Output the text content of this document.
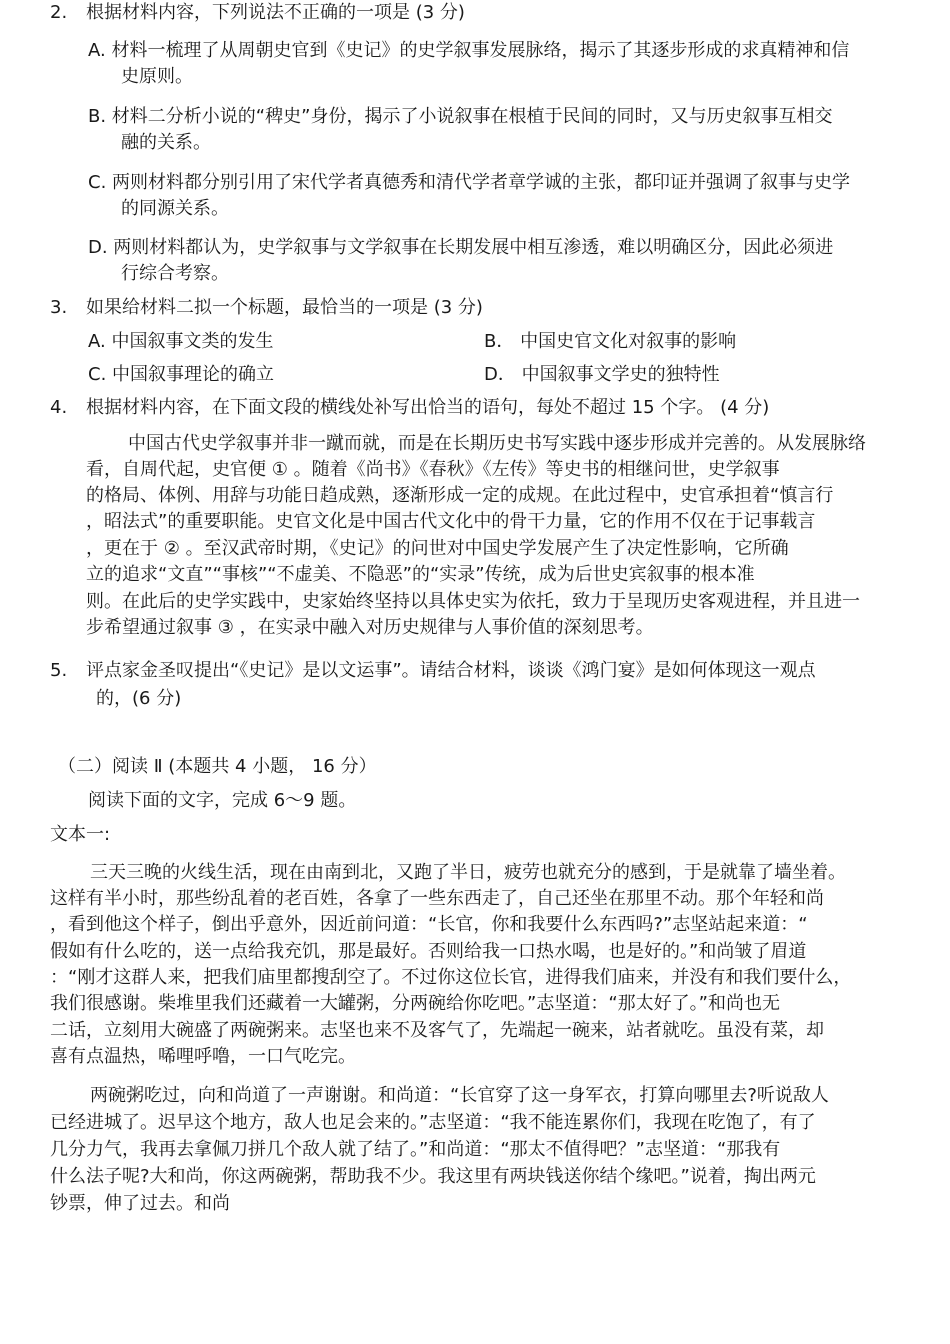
2. 根据材料内容，下列说法不正确的一项是 (3 分)
A. 材料一梳理了从周朝史官到《史记》的史学叙事发展脉络，揭示了其逐步形成的求真精神和信
史原则。
B. 材料二分析小说的“稗史”身份，揭示了小说叙事在根植于民间的同时，又与历史叙事互相交
融的关系。
C. 两则材料都分别引用了宋代学者真德秀和清代学者章学诚的主张，都印证并强调了叙事与史学
的同源关系。
D. 两则材料都认为，史学叙事与文学叙事在长期发展中相互渗透，难以明确区分，因此必须进
行综合考察。
3. 如果给材料二拟一个标题，最恰当的一项是 (3 分)
A. 中国叙事文类的发生	B． 中国史官文化对叙事的影响
C. 中国叙事理论的确立	D． 中国叙事文学史的独特性
4. 根据材料内容，在下面文段的横线处补写出恰当的语句，每处不超过 15 个字。 (4 分)
中国古代史学叙事并非一蹴而就，而是在长期历史书写实践中逐步形成并完善的。从发展脉络
看，自周代起，史官便 ① 。随着《尚书》《春秋》《左传》等史书的相继问世，史学叙事
的格局、体例、用辞与功能日趋成熟，逐渐形成一定的成规。在此过程中，史官承担着“慎言行
，昭法式”的重要职能。史官文化是中国古代文化中的骨干力量，它的作用不仅在于记事载言
，更在于 ② 。至汉武帝时期，《史记》的问世对中国史学发展产生了决定性影响，它所确
立的追求“文直”“事核”“不虚美、不隐恶”的“实录”传统，成为后世史宾叙事的根本准
则。在此后的史学实践中，史家始终坚持以具体史实为依托，致力于呈现历史客观进程，并且进一
步希望通过叙事 ③ ，在实录中融入对历史规律与人事价值的深刻思考。
5. 评点家金圣叹提出“《史记》是以文运事”。请结合材料，谈谈《鸿门宴》是如何体现这一观点
的，(6 分)
（二）阅读 Ⅱ (本题共 4 小题， 16 分）
阅读下面的文字，完成 6～9 题。
文本一:
三天三晚的火线生活，现在由南到北，又跑了半日，疲劳也就充分的感到，于是就靠了墙坐着。
这样有半小时，那些纷乱着的老百姓，各拿了一些东西走了，自己还坐在那里不动。那个年轻和尚
，看到他这个样子，倒出乎意外，因近前问道：“长官，你和我要什么东西吗?”志坚站起来道：“
假如有什么吃的，送一点给我充饥，那是最好。否则给我一口热水喝，也是好的。”和尚皱了眉道
：“刚才这群人来，把我们庙里都搜刮空了。不过你这位长官，进得我们庙来，并没有和我们要什么，
我们很感谢。柴堆里我们还藏着一大罐粥，分两碗给你吃吧。”志坚道：“那太好了。”和尚也无
二话，立刻用大碗盛了两碗粥来。志坚也来不及客气了，先端起一碗来，站者就吃。虽没有菜，却
喜有点温热，唏哩呼噜，一口气吃完。
两碗粥吃过，向和尚道了一声谢谢。和尚道：“长官穿了这一身军衣，打算向哪里去?听说敌人
已经进城了。迟早这个地方，敌人也足会来的。”志坚道：“我不能连累你们，我现在吃饱了，有了
几分力气，我再去拿佩刀拼几个敌人就了结了。”和尚道：“那太不值得吧？”志坚道：“那我有
什么法子呢?大和尚，你这两碗粥，帮助我不少。我这里有两块钱送你结个缘吧。”说着，掏出两元
钞票，伸了过去。和尚
